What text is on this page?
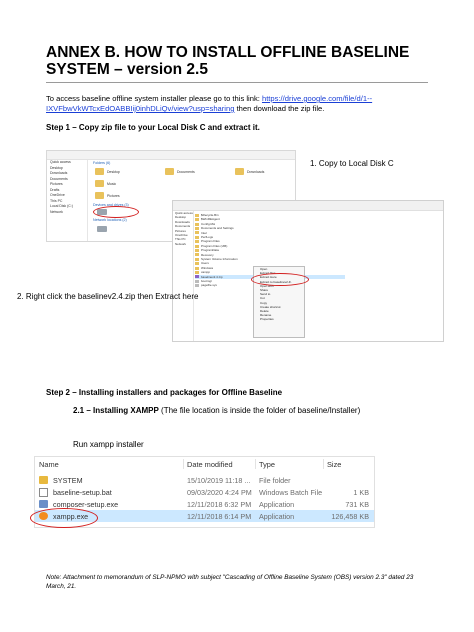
ANNEX B. HOW TO INSTALL OFFLINE BASELINE SYSTEM – version 2.5
To access baseline offline system installer please go to this link: https://drive.google.com/file/d/1--IXVFbwVkWTcxEdOABBIij0inhDLiQv/view?usp=sharing then download the zip file.
Step 1 – Copy zip file to your Local Disk C and extract it.
Quick access
Desktop
Downloads
Documents
Pictures
Drafts
OneDrive
This PC
Local Disk (C:)
Network
Folders (6)
Desktop	Documents	Downloads
Music
Pictures
Devices and drives (3)
Network locations (2)
1. Copy to Local Disk C
Quick access
Desktop
Downloads
Documents
Pictures
OneDrive
This PC
Network
$Recycle.Bin
$WinREAgent
Config.Msi
Documents and Settings
Intel
PerfLogs
Program Files
Program Files (x86)
ProgramData
Recovery
System Volume Information
Users
Windows
xampp
baselinev2.4.zip
bootmgr
pagefile.sys
Open
Extract files...
Extract Here
Extract to baselinev2.4\
Open with
Share
Send to
Cut
Copy
Create shortcut
Delete
Rename
Properties
2. Right click the baselinev2.4.zip then Extract here
Step 2 – Installing installers and packages for Offline Baseline
2.1 – Installing XAMPP (The file location is inside the folder of baseline/Installer)
Run xampp installer
Name	Date modified	Type	Size
SYSTEM	15/10/2019 11:18 ... File folder
baseline-setup.bat	09/03/2020 4:24 PM Windows Batch File	1 KB
composer-setup.exe	12/11/2018 6:32 PM Application	731 KB
xampp.exe	12/11/2018 6:14 PM Application	126,458 KB
Note: Attachment to memorandum of SLP-NPMO with subject "Cascading of Offline Baseline System (OBS) version 2.3" dated 23 March, 21.
